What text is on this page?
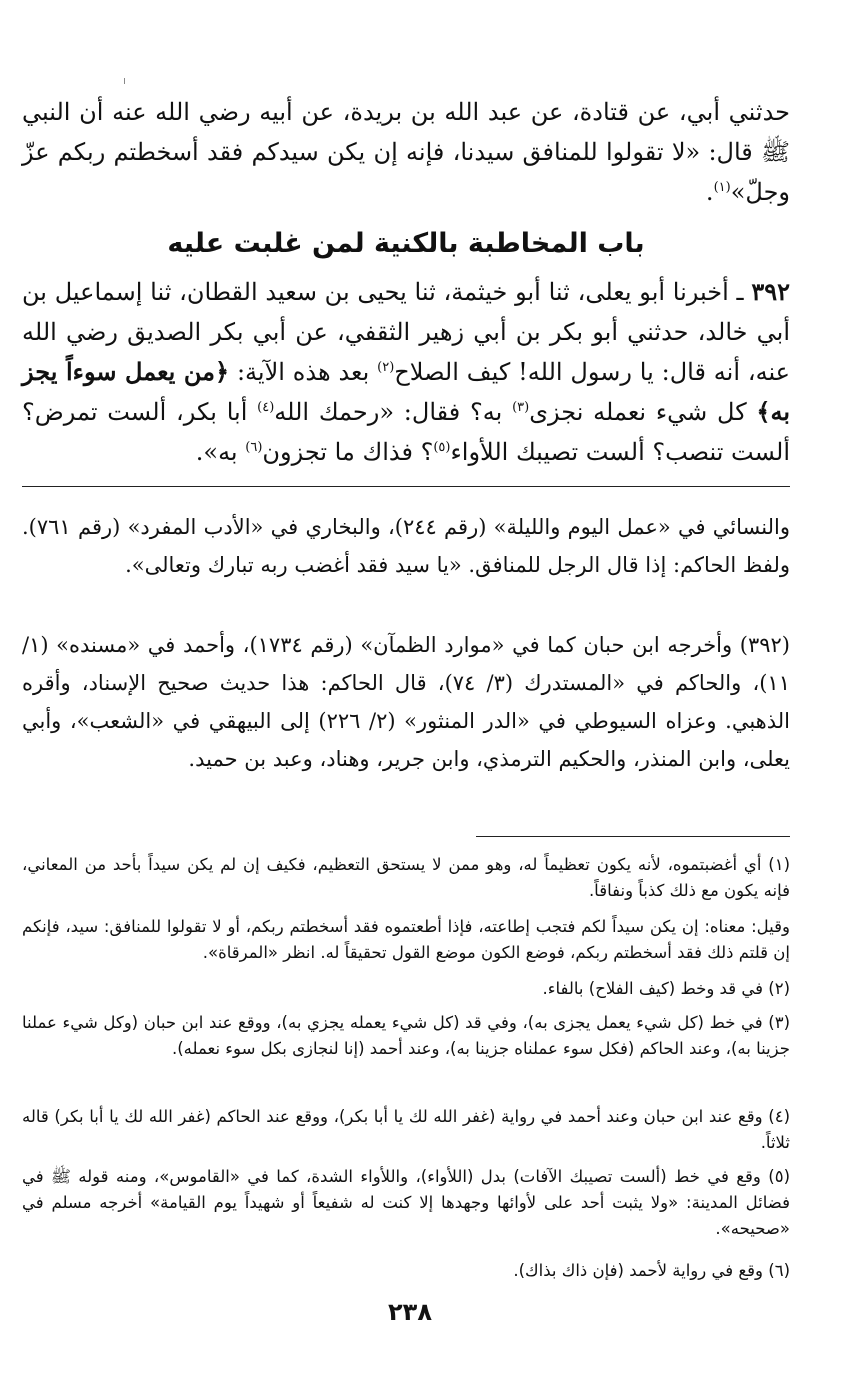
حدثني أبي، عن قتادة، عن عبد الله بن بريدة، عن أبيه رضي الله عنه أن النبي ﷺ قال: «لا تقولوا للمنافق سيدنا، فإنه إن يكن سيدكم فقد أسخطتم ربكم عزّ وجلّ»$^{(١)}$.

باب المخاطبة بالكنية لمن غلبت عليه

٣٩٢ ـ أخبرنا أبو يعلى، ثنا أبو خيثمة، ثنا يحيى بن سعيد القطان، ثنا إسماعيل بن أبي خالد، حدثني أبو بكر بن أبي زهير الثقفي، عن أبي بكر الصديق رضي الله عنه، أنه قال: يا رسول الله! كيف الصلاح$^{(٢)}$ بعد هذه الآية: ﴿من يعمل سوءاً يجز به﴾ كل شيء نعمله نجزى$^{(٣)}$ به؟ فقال: «رحمك الله$^{(٤)}$ أبا بكر، ألست تمرض؟ ألست تنصب؟ ألست تصيبك اللأواء$^{(٥)}$؟ فذاك ما تجزون$^{(٦)}$ به».

والنسائي في «عمل اليوم والليلة» (رقم ٢٤٤)، والبخاري في «الأدب المفرد» (رقم ٧٦١). ولفظ الحاكم: إذا قال الرجل للمنافق. «يا سيد فقد أغضب ربه تبارك وتعالى».

(٣٩٢) وأخرجه ابن حبان كما في «موارد الظمآن» (رقم ١٧٣٤)، وأحمد في «مسنده» (١/ ١١)، والحاكم في «المستدرك (٣/ ٧٤)، قال الحاكم: هذا حديث صحيح الإسناد، وأقره الذهبي. وعزاه السيوطي في «الدر المنثور» (٢/ ٢٢٦) إلى البيهقي في «الشعب»، وأبي يعلى، وابن المنذر، والحكيم الترمذي، وابن جرير، وهناد، وعبد بن حميد.

(١) أي أغضبتموه، لأنه يكون تعظيماً له، وهو ممن لا يستحق التعظيم، فكيف إن لم يكن سيداً بأحد من المعاني، فإنه يكون مع ذلك كذباً ونفاقاً.

وقيل: معناه: إن يكن سيداً لكم فتجب إطاعته، فإذا أطعتموه فقد أسخطتم ربكم، أو لا تقولوا للمنافق: سيد، فإنكم إن قلتم ذلك فقد أسخطتم ربكم، فوضع الكون موضع القول تحقيقاً له. انظر «المرقاة».

(٢) في قد وخط (كيف الفلاح) بالفاء.

(٣) في خط (كل شيء يعمل يجزى به)، وفي قد (كل شيء يعمله يجزي به)، ووقع عند ابن حبان (وكل شيء عملنا جزينا به)، وعند الحاكم (فكل سوء عملناه جزينا به)، وعند أحمد (إنا لنجازى بكل سوء نعمله).

(٤) وقع عند ابن حبان وعند أحمد في رواية (غفر الله لك يا أبا بكر)، ووقع عند الحاكم (غفر الله لك يا أبا بكر) قاله ثلاثاً.

(٥) وقع في خط (ألست تصيبك الآفات) بدل (اللأواء)، واللأواء الشدة، كما في «القاموس»، ومنه قوله ﷺ في فضائل المدينة: «ولا يثبت أحد على لأوائها وجهدها إلا كنت له شفيعاً أو شهيداً يوم القيامة» أخرجه مسلم في «صحيحه».

(٦) وقع في رواية لأحمد (فإن ذاك بذاك).

٢٣٨
